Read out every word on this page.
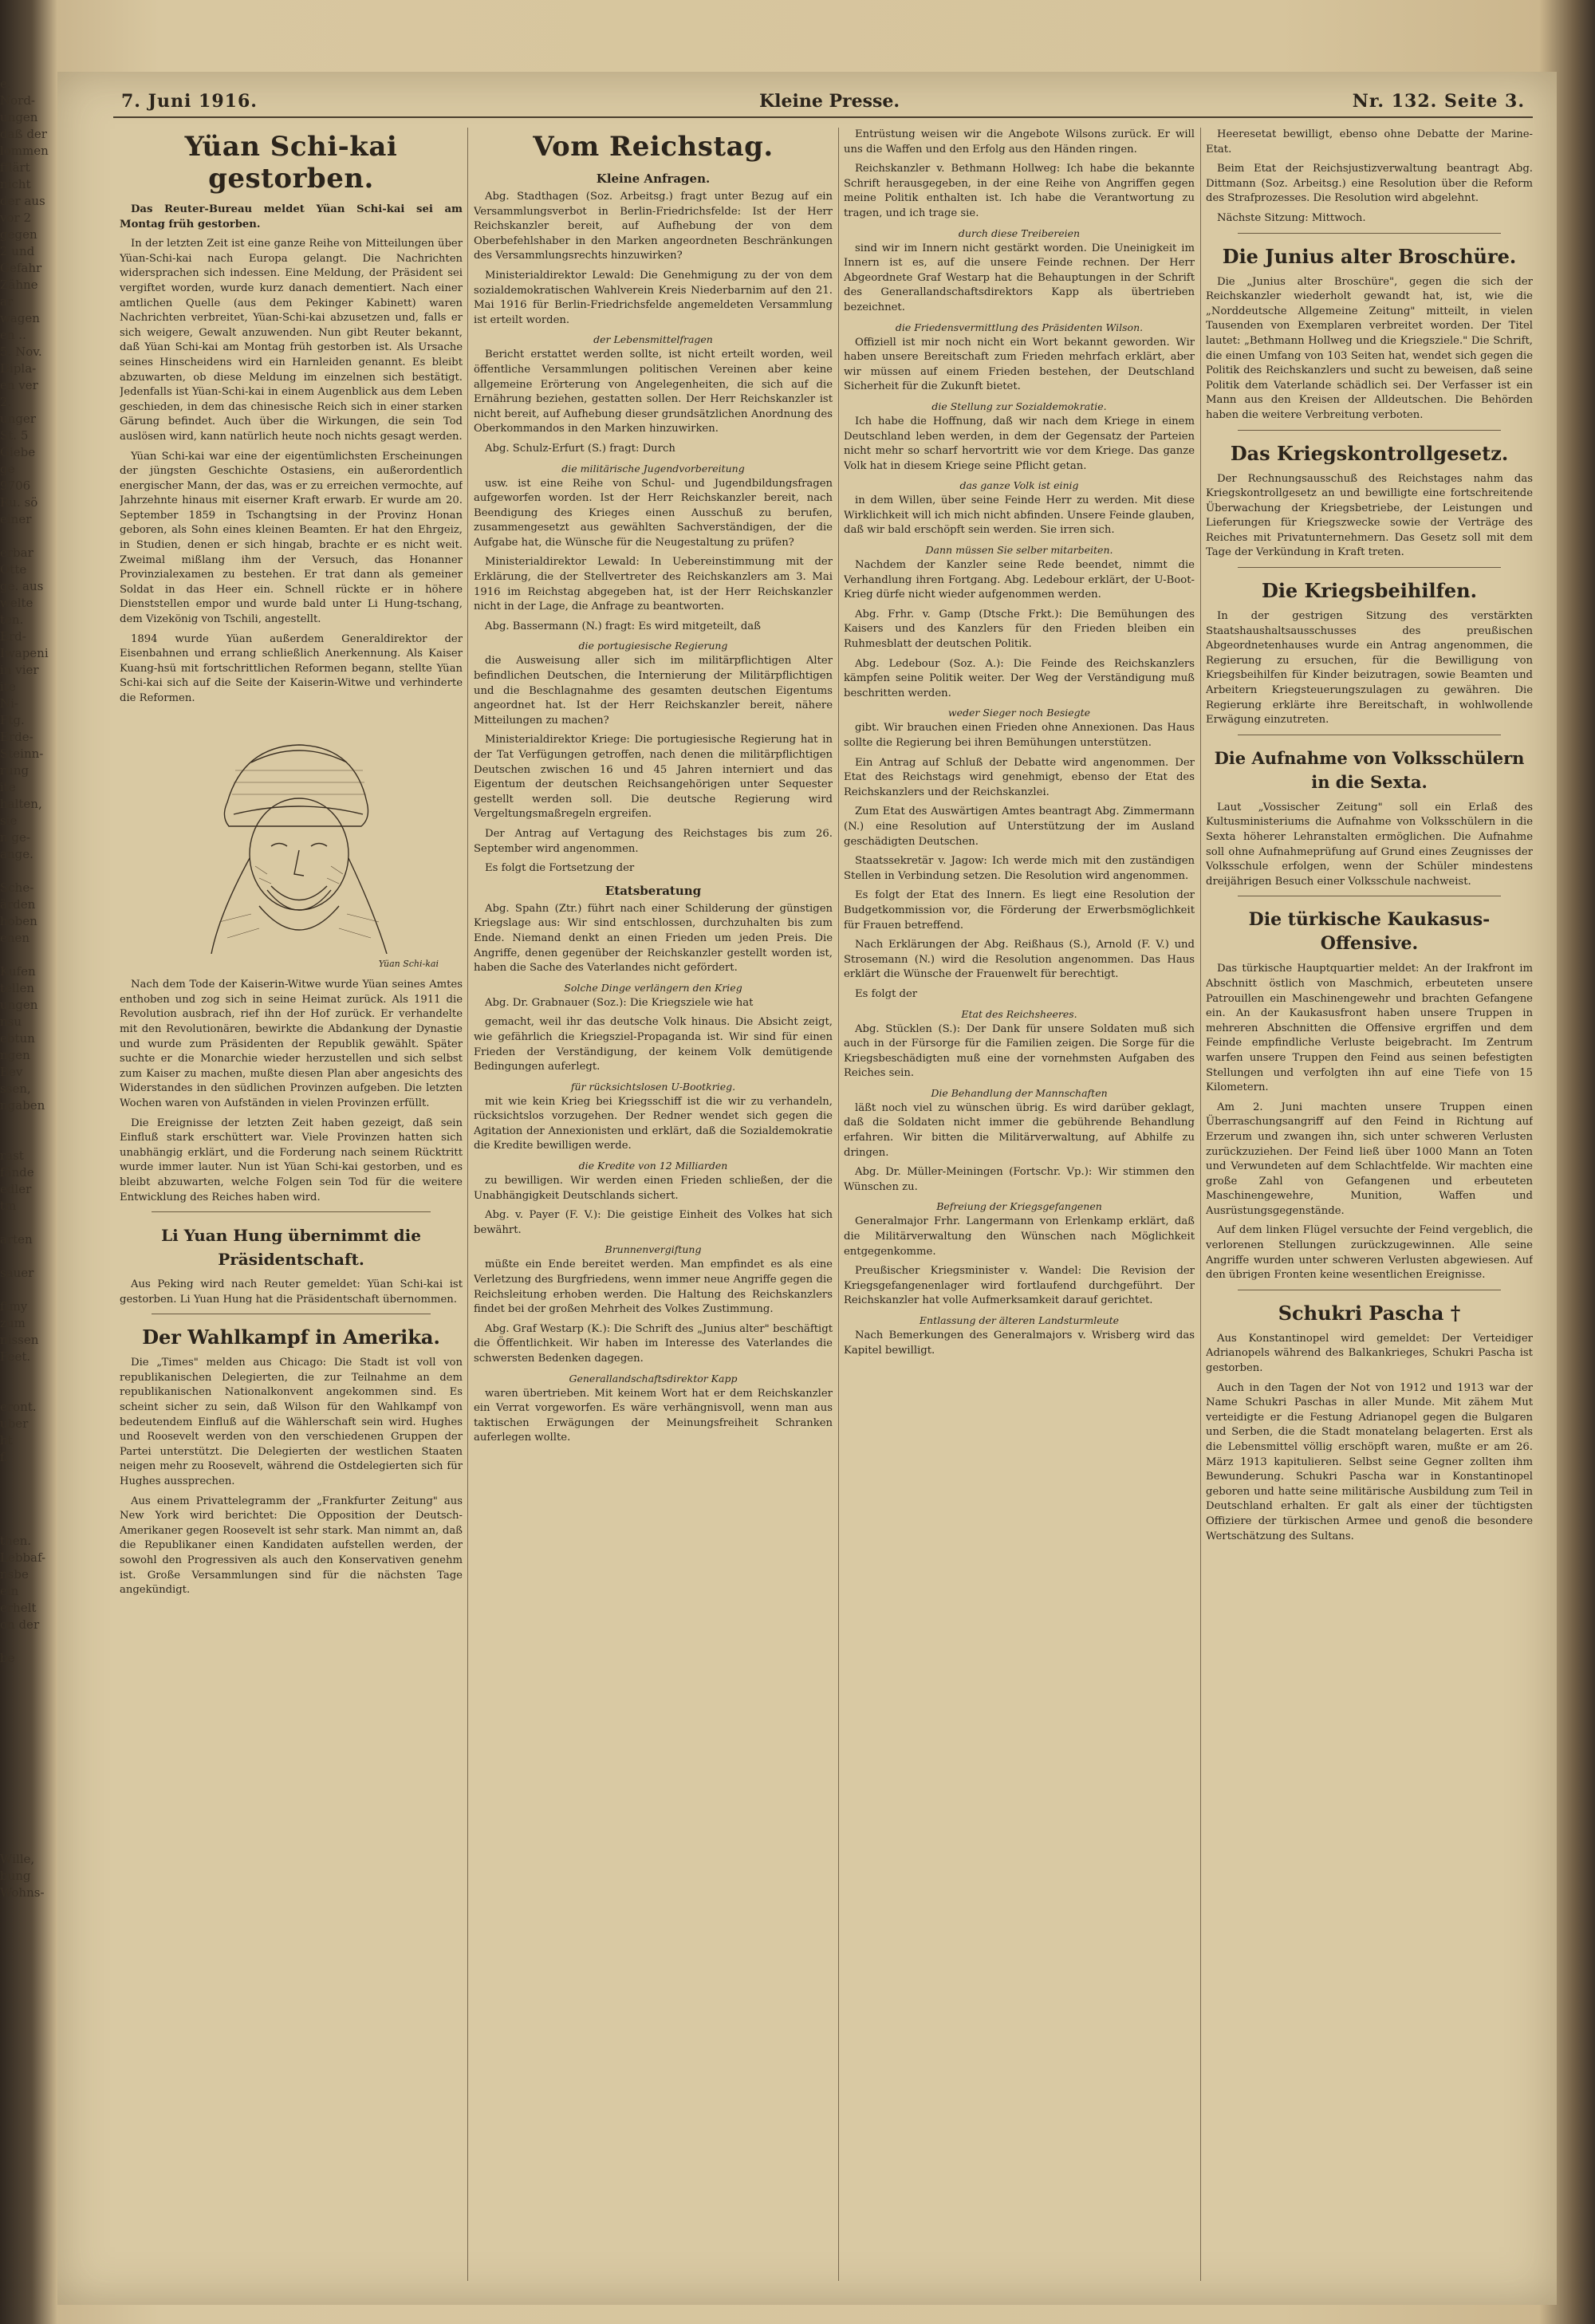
e.
Nord-
ungen
daß der
lommen
fflärt
nicht
der aus
vor 2
gegen
2 und
Gefahr
Zähne
ar
wagen
en ..
5. Nov.
Dipla-
en ver
2.
unger
St. 5
Giebe
ge
9706
Ru. sö
einer

erbar
Otte
ge. aus
welte
ten.
Erd-
Iwapeni
in vier
ite
Ni-
Ftg.
Erde-
Steinn-
rung
ite
halten,
sie
n ge-
ange.

Sche-
ärden
hoben
enen

Kufen
tellen
ungen
nsu
ebtun
ngen
Bev
ssen,
ngaben

rast
fände
edler
tm

arten

sauer

ftmy
zum
nissen
Feet.

eront.
uber
ht
f.

then.
Lebbaf-
nsbe
ein
erhelt
on der

be

Wille,
bung
Wohns-

7. Juni 1916.	Kleine Presse.	Nr. 132. Seite 3.
Yüan Schi-kai gestorben.

Das Reuter-Bureau meldet Yüan Schi-kai sei am Montag früh gestorben.

In der letzten Zeit ist eine ganze Reihe von Mitteilungen über Yüan-Schi-kai nach Europa gelangt. Die Nachrichten widersprachen sich indessen. Eine Meldung, der Präsident sei vergiftet worden, wurde kurz danach dementiert. Nach einer amtlichen Quelle (aus dem Pekinger Kabinett) waren Nachrichten verbreitet, Yüan-Schi-kai abzusetzen und, falls er sich weigere, Gewalt anzuwenden. Nun gibt Reuter bekannt, daß Yüan Schi-kai am Montag früh gestorben ist. Als Ursache seines Hinscheidens wird ein Harnleiden genannt. Es bleibt abzuwarten, ob diese Meldung im einzelnen sich bestätigt. Jedenfalls ist Yüan-Schi-kai in einem Augenblick aus dem Leben geschieden, in dem das chinesische Reich sich in einer starken Gärung befindet. Auch über die Wirkungen, die sein Tod auslösen wird, kann natürlich heute noch nichts gesagt werden.

Yüan Schi-kai war eine der eigentümlichsten Erscheinungen der jüngsten Geschichte Ostasiens, ein außerordentlich energischer Mann, der das, was er zu erreichen vermochte, auf Jahrzehnte hinaus mit eiserner Kraft erwarb. Er wurde am 20. September 1859 in Tschangtsing in der Provinz Honan geboren, als Sohn eines kleinen Beamten. Er hat den Ehrgeiz, in Studien, denen er sich hingab, brachte er es nicht weit. Zweimal mißlang ihm der Versuch, das Honanner Provinzialexamen zu bestehen. Er trat dann als gemeiner Soldat in das Heer ein. Schnell rückte er in höhere Dienststellen empor und wurde bald unter Li Hung-tschang, dem Vizekönig von Tschili, angestellt.

1894 wurde Yüan außerdem Generaldirektor der Eisenbahnen und errang schließlich Anerkennung. Als Kaiser Kuang-hsü mit fortschrittlichen Reformen begann, stellte Yüan Schi-kai sich auf die Seite der Kaiserin-Witwe und verhinderte die Reformen.

Yüan Schi-kai

Nach dem Tode der Kaiserin-Witwe wurde Yüan seines Amtes enthoben und zog sich in seine Heimat zurück. Als 1911 die Revolution ausbrach, rief ihn der Hof zurück. Er verhandelte mit den Revolutionären, bewirkte die Abdankung der Dynastie und wurde zum Präsidenten der Republik gewählt. Später suchte er die Monarchie wieder herzustellen und sich selbst zum Kaiser zu machen, mußte diesen Plan aber angesichts des Widerstandes in den südlichen Provinzen aufgeben. Die letzten Wochen waren von Aufständen in vielen Provinzen erfüllt.

Die Ereignisse der letzten Zeit haben gezeigt, daß sein Einfluß stark erschüttert war. Viele Provinzen hatten sich unabhängig erklärt, und die Forderung nach seinem Rücktritt wurde immer lauter. Nun ist Yüan Schi-kai gestorben, und es bleibt abzuwarten, welche Folgen sein Tod für die weitere Entwicklung des Reiches haben wird.

Li Yuan Hung übernimmt die Präsidentschaft.

Aus Peking wird nach Reuter gemeldet: Yüan Schi-kai ist gestorben. Li Yuan Hung hat die Präsidentschaft übernommen.

Der Wahlkampf in Amerika.

Die „Times" melden aus Chicago: Die Stadt ist voll von republikanischen Delegierten, die zur Teilnahme an dem republikanischen Nationalkonvent angekommen sind. Es scheint sicher zu sein, daß Wilson für den Wahlkampf von bedeutendem Einfluß auf die Wählerschaft sein wird. Hughes und Roosevelt werden von den verschiedenen Gruppen der Partei unterstützt. Die Delegierten der westlichen Staaten neigen mehr zu Roosevelt, während die Ostdelegierten sich für Hughes aussprechen.

Aus einem Privattelegramm der „Frankfurter Zeitung" aus New York wird berichtet: Die Opposition der Deutsch-Amerikaner gegen Roosevelt ist sehr stark. Man nimmt an, daß die Republikaner einen Kandidaten aufstellen werden, der sowohl den Progressiven als auch den Konservativen genehm ist. Große Versammlungen sind für die nächsten Tage angekündigt.

Vom Reichstag.
Kleine Anfragen.

Abg. Stadthagen (Soz. Arbeitsg.) fragt unter Bezug auf ein Versammlungsverbot in Berlin-Friedrichsfelde: Ist der Herr Reichskanzler bereit, auf Aufhebung der von dem Oberbefehlshaber in den Marken angeordneten Beschränkungen des Versammlungsrechts hinzuwirken?

Ministerialdirektor Lewald: Die Genehmigung zu der von dem sozialdemokratischen Wahlverein Kreis Niederbarnim auf den 21. Mai 1916 für Berlin-Friedrichsfelde angemeldeten Versammlung ist erteilt worden.

der Lebensmittelfragen

Bericht erstattet werden sollte, ist nicht erteilt worden, weil öffentliche Versammlungen politischen Vereinen aber keine allgemeine Erörterung von Angelegenheiten, die sich auf die Ernährung beziehen, gestatten sollen. Der Herr Reichskanzler ist nicht bereit, auf Aufhebung dieser grundsätzlichen Anordnung des Oberkommandos in den Marken hinzuwirken.

Abg. Schulz-Erfurt (S.) fragt: Durch

die militärische Jugendvorbereitung

usw. ist eine Reihe von Schul- und Jugendbildungsfragen aufgeworfen worden. Ist der Herr Reichskanzler bereit, nach Beendigung des Krieges einen Ausschuß zu berufen, zusammengesetzt aus gewählten Sachverständigen, der die Aufgabe hat, die Wünsche für die Neugestaltung zu prüfen?

Ministerialdirektor Lewald: In Uebereinstimmung mit der Erklärung, die der Stellvertreter des Reichskanzlers am 3. Mai 1916 im Reichstag abgegeben hat, ist der Herr Reichskanzler nicht in der Lage, die Anfrage zu beantworten.

Abg. Bassermann (N.) fragt: Es wird mitgeteilt, daß

die portugiesische Regierung

die Ausweisung aller sich im militärpflichtigen Alter befindlichen Deutschen, die Internierung der Militärpflichtigen und die Beschlagnahme des gesamten deutschen Eigentums angeordnet hat. Ist der Herr Reichskanzler bereit, nähere Mitteilungen zu machen?

Ministerialdirektor Kriege: Die portugiesische Regierung hat in der Tat Verfügungen getroffen, nach denen die militärpflichtigen Deutschen zwischen 16 und 45 Jahren interniert und das Eigentum der deutschen Reichsangehörigen unter Sequester gestellt werden soll. Die deutsche Regierung wird Vergeltungsmaßregeln ergreifen.

Der Antrag auf Vertagung des Reichstages bis zum 26. September wird angenommen.

Es folgt die Fortsetzung der

Etatsberatung

Abg. Spahn (Ztr.) führt nach einer Schilderung der günstigen Kriegslage aus: Wir sind entschlossen, durchzuhalten bis zum Ende. Niemand denkt an einen Frieden um jeden Preis. Die Angriffe, denen gegenüber der Reichskanzler gestellt worden ist, haben die Sache des Vaterlandes nicht gefördert.

Solche Dinge verlängern den Krieg

Abg. Dr. Grabnauer (Soz.): Die Kriegsziele wie hat

gemacht, weil ihr das deutsche Volk hinaus. Die Absicht zeigt, wie gefährlich die Kriegsziel-Propaganda ist. Wir sind für einen Frieden der Verständigung, der keinem Volk demütigende Bedingungen auferlegt.

für rücksichtslosen U-Bootkrieg.

mit wie kein Krieg bei Kriegsschiff ist die wir zu verhandeln, rücksichtslos vorzugehen. Der Redner wendet sich gegen die Agitation der Annexionisten und erklärt, daß die Sozialdemokratie die Kredite bewilligen werde.

die Kredite von 12 Milliarden

zu bewilligen. Wir werden einen Frieden schließen, der die Unabhängigkeit Deutschlands sichert.

Abg. v. Payer (F. V.): Die geistige Einheit des Volkes hat sich bewährt.

Brunnenvergiftung

müßte ein Ende bereitet werden. Man empfindet es als eine Verletzung des Burgfriedens, wenn immer neue Angriffe gegen die Reichsleitung erhoben werden. Die Haltung des Reichskanzlers findet bei der großen Mehrheit des Volkes Zustimmung.

Abg. Graf Westarp (K.): Die Schrift des „Junius alter" beschäftigt die Öffentlichkeit. Wir haben im Interesse des Vaterlandes die schwersten Bedenken dagegen.

Generallandschaftsdirektor Kapp

waren übertrieben. Mit keinem Wort hat er dem Reichskanzler ein Verrat vorgeworfen. Es wäre verhängnisvoll, wenn man aus taktischen Erwägungen der Meinungsfreiheit Schranken auferlegen wollte.

Entrüstung weisen wir die Angebote Wilsons zurück. Er will uns die Waffen und den Erfolg aus den Händen ringen.

Reichskanzler v. Bethmann Hollweg: Ich habe die bekannte Schrift herausgegeben, in der eine Reihe von Angriffen gegen meine Politik enthalten ist. Ich habe die Verantwortung zu tragen, und ich trage sie.

durch diese Treibereien

sind wir im Innern nicht gestärkt worden. Die Uneinigkeit im Innern ist es, auf die unsere Feinde rechnen. Der Herr Abgeordnete Graf Westarp hat die Behauptungen in der Schrift des Generallandschaftsdirektors Kapp als übertrieben bezeichnet.

die Friedensvermittlung des Präsidenten Wilson.

Offiziell ist mir noch nicht ein Wort bekannt geworden. Wir haben unsere Bereitschaft zum Frieden mehrfach erklärt, aber wir müssen auf einem Frieden bestehen, der Deutschland Sicherheit für die Zukunft bietet.

die Stellung zur Sozialdemokratie.

Ich habe die Hoffnung, daß wir nach dem Kriege in einem Deutschland leben werden, in dem der Gegensatz der Parteien nicht mehr so scharf hervortritt wie vor dem Kriege. Das ganze Volk hat in diesem Kriege seine Pflicht getan.

das ganze Volk ist einig

in dem Willen, über seine Feinde Herr zu werden. Mit diese Wirklichkeit will ich mich nicht abfinden. Unsere Feinde glauben, daß wir bald erschöpft sein werden. Sie irren sich.

Dann müssen Sie selber mitarbeiten.

Nachdem der Kanzler seine Rede beendet, nimmt die Verhandlung ihren Fortgang. Abg. Ledebour erklärt, der U-Boot-Krieg dürfe nicht wieder aufgenommen werden.

Abg. Frhr. v. Gamp (Dtsche Frkt.): Die Bemühungen des Kaisers und des Kanzlers für den Frieden bleiben ein Ruhmesblatt der deutschen Politik.

Abg. Ledebour (Soz. A.): Die Feinde des Reichskanzlers kämpfen seine Politik weiter. Der Weg der Verständigung muß beschritten werden.

weder Sieger noch Besiegte

gibt. Wir brauchen einen Frieden ohne Annexionen. Das Haus sollte die Regierung bei ihren Bemühungen unterstützen.

Ein Antrag auf Schluß der Debatte wird angenommen. Der Etat des Reichstags wird genehmigt, ebenso der Etat des Reichskanzlers und der Reichskanzlei.

Zum Etat des Auswärtigen Amtes beantragt Abg. Zimmermann (N.) eine Resolution auf Unterstützung der im Ausland geschädigten Deutschen.

Staatssekretär v. Jagow: Ich werde mich mit den zuständigen Stellen in Verbindung setzen. Die Resolution wird angenommen.

Es folgt der Etat des Innern. Es liegt eine Resolution der Budgetkommission vor, die Förderung der Erwerbsmöglichkeit für Frauen betreffend.

Nach Erklärungen der Abg. Reißhaus (S.), Arnold (F. V.) und Strosemann (N.) wird die Resolution angenommen. Das Haus erklärt die Wünsche der Frauenwelt für berechtigt.

Es folgt der

Etat des Reichsheeres.

Abg. Stücklen (S.): Der Dank für unsere Soldaten muß sich auch in der Fürsorge für die Familien zeigen. Die Sorge für die Kriegsbeschädigten muß eine der vornehmsten Aufgaben des Reiches sein.

Die Behandlung der Mannschaften

läßt noch viel zu wünschen übrig. Es wird darüber geklagt, daß die Soldaten nicht immer die gebührende Behandlung erfahren. Wir bitten die Militärverwaltung, auf Abhilfe zu dringen.

Abg. Dr. Müller-Meiningen (Fortschr. Vp.): Wir stimmen den Wünschen zu.

Befreiung der Kriegsgefangenen

Generalmajor Frhr. Langermann von Erlenkamp erklärt, daß die Militärverwaltung den Wünschen nach Möglichkeit entgegenkomme.

Preußischer Kriegsminister v. Wandel: Die Revision der Kriegsgefangenenlager wird fortlaufend durchgeführt. Der Reichskanzler hat volle Aufmerksamkeit darauf gerichtet.

Entlassung der älteren Landsturmleute

Nach Bemerkungen des Generalmajors v. Wrisberg wird das Kapitel bewilligt.

Heeresetat bewilligt, ebenso ohne Debatte der Marine-Etat.

Beim Etat der Reichsjustizverwaltung beantragt Abg. Dittmann (Soz. Arbeitsg.) eine Resolution über die Reform des Strafprozesses. Die Resolution wird abgelehnt.

Nächste Sitzung: Mittwoch.

Die Junius alter Broschüre.

Die „Junius alter Broschüre", gegen die sich der Reichskanzler wiederholt gewandt hat, ist, wie die „Norddeutsche Allgemeine Zeitung" mitteilt, in vielen Tausenden von Exemplaren verbreitet worden. Der Titel lautet: „Bethmann Hollweg und die Kriegsziele." Die Schrift, die einen Umfang von 103 Seiten hat, wendet sich gegen die Politik des Reichskanzlers und sucht zu beweisen, daß seine Politik dem Vaterlande schädlich sei. Der Verfasser ist ein Mann aus den Kreisen der Alldeutschen. Die Behörden haben die weitere Verbreitung verboten.

Das Kriegskontrollgesetz.

Der Rechnungsausschuß des Reichstages nahm das Kriegskontrollgesetz an und bewilligte eine fortschreitende Überwachung der Kriegsbetriebe, der Leistungen und Lieferungen für Kriegszwecke sowie der Verträge des Reiches mit Privatunternehmern. Das Gesetz soll mit dem Tage der Verkündung in Kraft treten.

Die Kriegsbeihilfen.

In der gestrigen Sitzung des verstärkten Staatshaushaltsausschusses des preußischen Abgeordnetenhauses wurde ein Antrag angenommen, die Regierung zu ersuchen, für die Bewilligung von Kriegsbeihilfen für Kinder beizutragen, sowie Beamten und Arbeitern Kriegsteuerungszulagen zu gewähren. Die Regierung erklärte ihre Bereitschaft, in wohlwollende Erwägung einzutreten.

Die Aufnahme von Volksschülern in die Sexta.

Laut „Vossischer Zeitung" soll ein Erlaß des Kultusministeriums die Aufnahme von Volksschülern in die Sexta höherer Lehranstalten ermöglichen. Die Aufnahme soll ohne Aufnahmeprüfung auf Grund eines Zeugnisses der Volksschule erfolgen, wenn der Schüler mindestens dreijährigen Besuch einer Volksschule nachweist.

Die türkische Kaukasus-Offensive.

Das türkische Hauptquartier meldet: An der Irakfront im Abschnitt östlich von Maschmich, erbeuteten unsere Patrouillen ein Maschinengewehr und brachten Gefangene ein. An der Kaukasusfront haben unsere Truppen in mehreren Abschnitten die Offensive ergriffen und dem Feinde empfindliche Verluste beigebracht. Im Zentrum warfen unsere Truppen den Feind aus seinen befestigten Stellungen und verfolgten ihn auf eine Tiefe von 15 Kilometern.

Am 2. Juni machten unsere Truppen einen Überraschungsangriff auf den Feind in Richtung auf Erzerum und zwangen ihn, sich unter schweren Verlusten zurückzuziehen. Der Feind ließ über 1000 Mann an Toten und Verwundeten auf dem Schlachtfelde. Wir machten eine große Zahl von Gefangenen und erbeuteten Maschinengewehre, Munition, Waffen und Ausrüstungsgegenstände.

Auf dem linken Flügel versuchte der Feind vergeblich, die verlorenen Stellungen zurückzugewinnen. Alle seine Angriffe wurden unter schweren Verlusten abgewiesen. Auf den übrigen Fronten keine wesentlichen Ereignisse.

Schukri Pascha †

Aus Konstantinopel wird gemeldet: Der Verteidiger Adrianopels während des Balkankrieges, Schukri Pascha ist gestorben.

Auch in den Tagen der Not von 1912 und 1913 war der Name Schukri Paschas in aller Munde. Mit zähem Mut verteidigte er die Festung Adrianopel gegen die Bulgaren und Serben, die die Stadt monatelang belagerten. Erst als die Lebensmittel völlig erschöpft waren, mußte er am 26. März 1913 kapitulieren. Selbst seine Gegner zollten ihm Bewunderung. Schukri Pascha war in Konstantinopel geboren und hatte seine militärische Ausbildung zum Teil in Deutschland erhalten. Er galt als einer der tüchtigsten Offiziere der türkischen Armee und genoß die besondere Wertschätzung des Sultans.
